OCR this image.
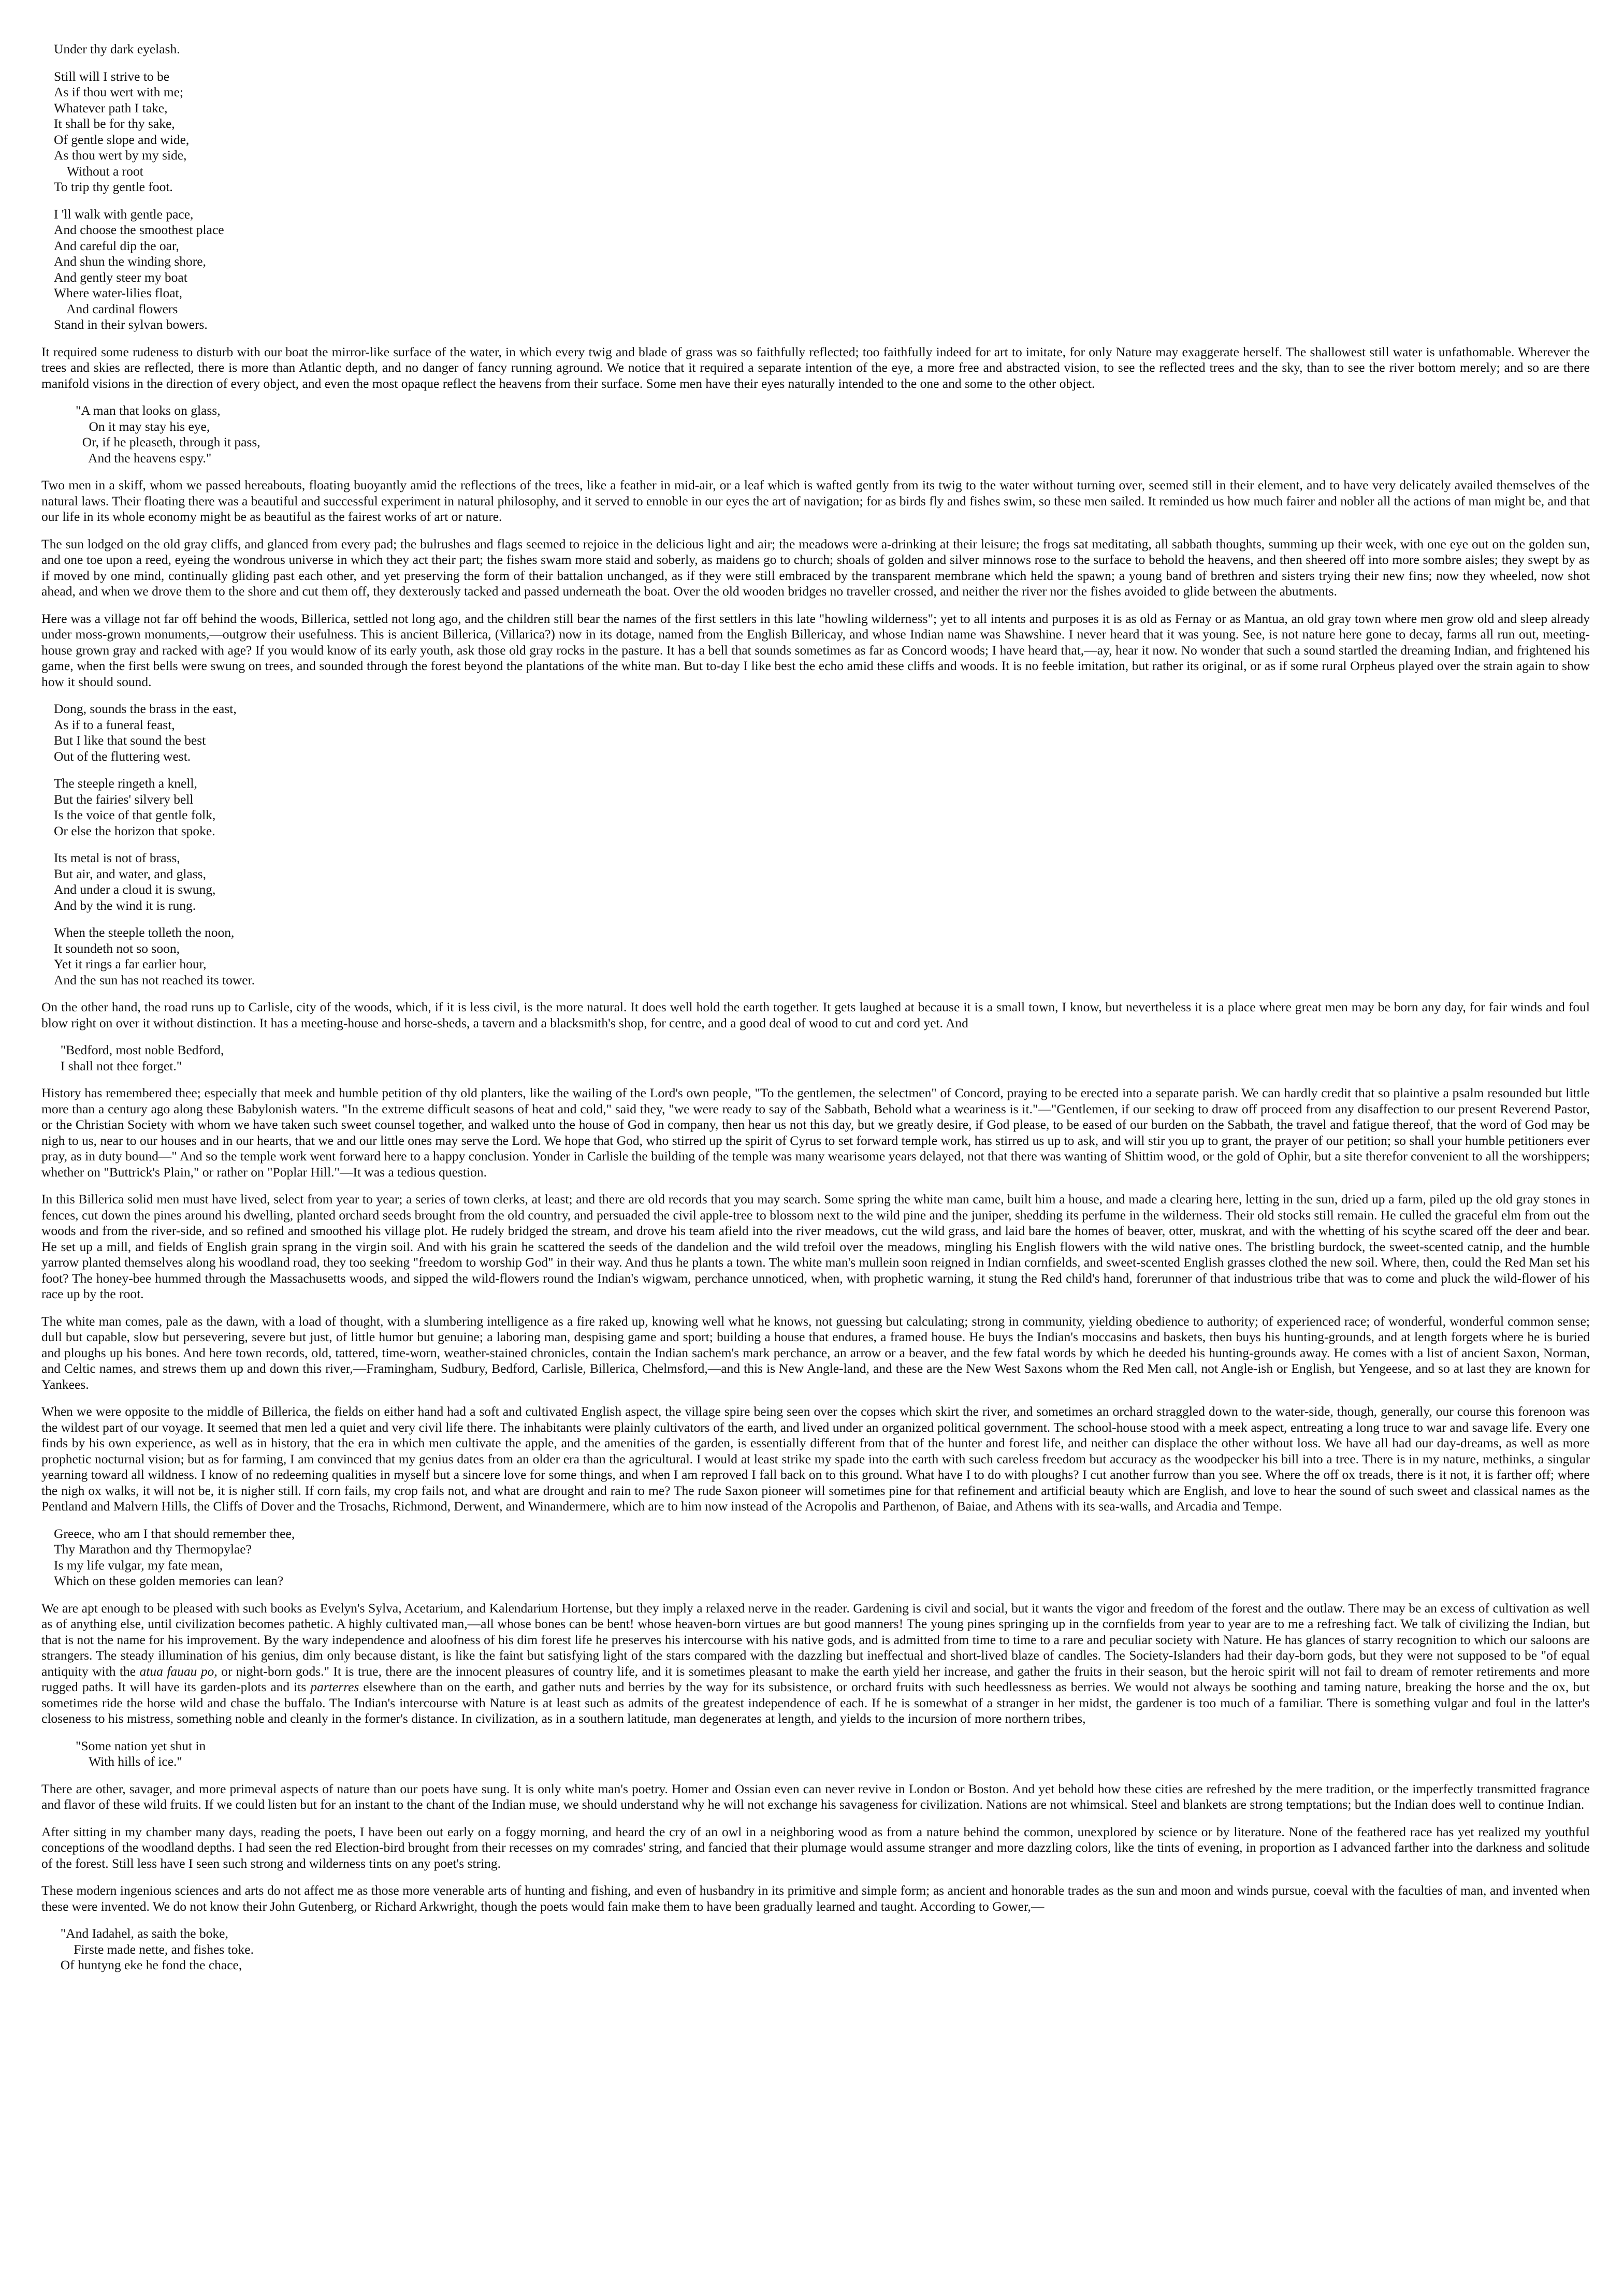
Under thy dark eyelash.
Still will I strive to be
As if thou wert with me;
Whatever path I take,
It shall be for thy sake,
Of gentle slope and wide,
As thou wert by my side,
Without a root
To trip thy gentle foot.
I 'll walk with gentle pace,
And choose the smoothest place
And careful dip the oar,
And shun the winding shore,
And gently steer my boat
Where water-lilies float,
And cardinal flowers
Stand in their sylvan bowers.

It required some rudeness to disturb with our boat the mirror-like surface of the water, in which every twig and blade of grass was so faithfully reflected; too faithfully indeed for art to imitate, for only Nature may exaggerate herself. The shallowest still water is unfathomable. Wherever the trees and skies are reflected, there is more than Atlantic depth, and no danger of fancy running aground. We notice that it required a separate intention of the eye, a more free and abstracted vision, to see the reflected trees and the sky, than to see the river bottom merely; and so are there manifold visions in the direction of every object, and even the most opaque reflect the heavens from their surface. Some men have their eyes naturally intended to the one and some to the other object.

"A man that looks on glass,
On it may stay his eye,
Or, if he pleaseth, through it pass,
And the heavens espy."

Two men in a skiff, whom we passed hereabouts, floating buoyantly amid the reflections of the trees, like a feather in mid-air, or a leaf which is wafted gently from its twig to the water without turning over, seemed still in their element, and to have very delicately availed themselves of the natural laws. Their floating there was a beautiful and successful experiment in natural philosophy, and it served to ennoble in our eyes the art of navigation; for as birds fly and fishes swim, so these men sailed. It reminded us how much fairer and nobler all the actions of man might be, and that our life in its whole economy might be as beautiful as the fairest works of art or nature.

The sun lodged on the old gray cliffs, and glanced from every pad; the bulrushes and flags seemed to rejoice in the delicious light and air; the meadows were a-drinking at their leisure; the frogs sat meditating, all sabbath thoughts, summing up their week, with one eye out on the golden sun, and one toe upon a reed, eyeing the wondrous universe in which they act their part; the fishes swam more staid and soberly, as maidens go to church; shoals of golden and silver minnows rose to the surface to behold the heavens, and then sheered off into more sombre aisles; they swept by as if moved by one mind, continually gliding past each other, and yet preserving the form of their battalion unchanged, as if they were still embraced by the transparent membrane which held the spawn; a young band of brethren and sisters trying their new fins; now they wheeled, now shot ahead, and when we drove them to the shore and cut them off, they dexterously tacked and passed underneath the boat. Over the old wooden bridges no traveller crossed, and neither the river nor the fishes avoided to glide between the abutments.

Here was a village not far off behind the woods, Billerica, settled not long ago, and the children still bear the names of the first settlers in this late "howling wilderness"; yet to all intents and purposes it is as old as Fernay or as Mantua, an old gray town where men grow old and sleep already under moss-grown monuments,—outgrow their usefulness. This is ancient Billerica, (Villarica?) now in its dotage, named from the English Billericay, and whose Indian name was Shawshine. I never heard that it was young. See, is not nature here gone to decay, farms all run out, meeting-house grown gray and racked with age? If you would know of its early youth, ask those old gray rocks in the pasture. It has a bell that sounds sometimes as far as Concord woods; I have heard that,—ay, hear it now. No wonder that such a sound startled the dreaming Indian, and frightened his game, when the first bells were swung on trees, and sounded through the forest beyond the plantations of the white man. But to-day I like best the echo amid these cliffs and woods. It is no feeble imitation, but rather its original, or as if some rural Orpheus played over the strain again to show how it should sound.

Dong, sounds the brass in the east,
As if to a funeral feast,
But I like that sound the best
Out of the fluttering west.
The steeple ringeth a knell,
But the fairies' silvery bell
Is the voice of that gentle folk,
Or else the horizon that spoke.
Its metal is not of brass,
But air, and water, and glass,
And under a cloud it is swung,
And by the wind it is rung.
When the steeple tolleth the noon,
It soundeth not so soon,
Yet it rings a far earlier hour,
And the sun has not reached its tower.

On the other hand, the road runs up to Carlisle, city of the woods, which, if it is less civil, is the more natural. It does well hold the earth together. It gets laughed at because it is a small town, I know, but nevertheless it is a place where great men may be born any day, for fair winds and foul blow right on over it without distinction. It has a meeting-house and horse-sheds, a tavern and a blacksmith's shop, for centre, and a good deal of wood to cut and cord yet. And

"Bedford, most noble Bedford,
I shall not thee forget."

History has remembered thee; especially that meek and humble petition of thy old planters, like the wailing of the Lord's own people, "To the gentlemen, the selectmen" of Concord, praying to be erected into a separate parish. We can hardly credit that so plaintive a psalm resounded but little more than a century ago along these Babylonish waters. "In the extreme difficult seasons of heat and cold," said they, "we were ready to say of the Sabbath, Behold what a weariness is it."—"Gentlemen, if our seeking to draw off proceed from any disaffection to our present Reverend Pastor, or the Christian Society with whom we have taken such sweet counsel together, and walked unto the house of God in company, then hear us not this day, but we greatly desire, if God please, to be eased of our burden on the Sabbath, the travel and fatigue thereof, that the word of God may be nigh to us, near to our houses and in our hearts, that we and our little ones may serve the Lord. We hope that God, who stirred up the spirit of Cyrus to set forward temple work, has stirred us up to ask, and will stir you up to grant, the prayer of our petition; so shall your humble petitioners ever pray, as in duty bound—" And so the temple work went forward here to a happy conclusion. Yonder in Carlisle the building of the temple was many wearisome years delayed, not that there was wanting of Shittim wood, or the gold of Ophir, but a site therefor convenient to all the worshippers; whether on "Buttrick's Plain," or rather on "Poplar Hill."—It was a tedious question.

In this Billerica solid men must have lived, select from year to year; a series of town clerks, at least; and there are old records that you may search. Some spring the white man came, built him a house, and made a clearing here, letting in the sun, dried up a farm, piled up the old gray stones in fences, cut down the pines around his dwelling, planted orchard seeds brought from the old country, and persuaded the civil apple-tree to blossom next to the wild pine and the juniper, shedding its perfume in the wilderness. Their old stocks still remain. He culled the graceful elm from out the woods and from the river-side, and so refined and smoothed his village plot. He rudely bridged the stream, and drove his team afield into the river meadows, cut the wild grass, and laid bare the homes of beaver, otter, muskrat, and with the whetting of his scythe scared off the deer and bear. He set up a mill, and fields of English grain sprang in the virgin soil. And with his grain he scattered the seeds of the dandelion and the wild trefoil over the meadows, mingling his English flowers with the wild native ones. The bristling burdock, the sweet-scented catnip, and the humble yarrow planted themselves along his woodland road, they too seeking "freedom to worship God" in their way. And thus he plants a town. The white man's mullein soon reigned in Indian cornfields, and sweet-scented English grasses clothed the new soil. Where, then, could the Red Man set his foot? The honey-bee hummed through the Massachusetts woods, and sipped the wild-flowers round the Indian's wigwam, perchance unnoticed, when, with prophetic warning, it stung the Red child's hand, forerunner of that industrious tribe that was to come and pluck the wild-flower of his race up by the root.

The white man comes, pale as the dawn, with a load of thought, with a slumbering intelligence as a fire raked up, knowing well what he knows, not guessing but calculating; strong in community, yielding obedience to authority; of experienced race; of wonderful, wonderful common sense; dull but capable, slow but persevering, severe but just, of little humor but genuine; a laboring man, despising game and sport; building a house that endures, a framed house. He buys the Indian's moccasins and baskets, then buys his hunting-grounds, and at length forgets where he is buried and ploughs up his bones. And here town records, old, tattered, time-worn, weather-stained chronicles, contain the Indian sachem's mark perchance, an arrow or a beaver, and the few fatal words by which he deeded his hunting-grounds away. He comes with a list of ancient Saxon, Norman, and Celtic names, and strews them up and down this river,—Framingham, Sudbury, Bedford, Carlisle, Billerica, Chelmsford,—and this is New Angle-land, and these are the New West Saxons whom the Red Men call, not Angle-ish or English, but Yengeese, and so at last they are known for Yankees.

When we were opposite to the middle of Billerica, the fields on either hand had a soft and cultivated English aspect, the village spire being seen over the copses which skirt the river, and sometimes an orchard straggled down to the water-side, though, generally, our course this forenoon was the wildest part of our voyage. It seemed that men led a quiet and very civil life there. The inhabitants were plainly cultivators of the earth, and lived under an organized political government. The school-house stood with a meek aspect, entreating a long truce to war and savage life. Every one finds by his own experience, as well as in history, that the era in which men cultivate the apple, and the amenities of the garden, is essentially different from that of the hunter and forest life, and neither can displace the other without loss. We have all had our day-dreams, as well as more prophetic nocturnal vision; but as for farming, I am convinced that my genius dates from an older era than the agricultural. I would at least strike my spade into the earth with such careless freedom but accuracy as the woodpecker his bill into a tree. There is in my nature, methinks, a singular yearning toward all wildness. I know of no redeeming qualities in myself but a sincere love for some things, and when I am reproved I fall back on to this ground. What have I to do with ploughs? I cut another furrow than you see. Where the off ox treads, there is it not, it is farther off; where the nigh ox walks, it will not be, it is nigher still. If corn fails, my crop fails not, and what are drought and rain to me? The rude Saxon pioneer will sometimes pine for that refinement and artificial beauty which are English, and love to hear the sound of such sweet and classical names as the Pentland and Malvern Hills, the Cliffs of Dover and the Trosachs, Richmond, Derwent, and Winandermere, which are to him now instead of the Acropolis and Parthenon, of Baiae, and Athens with its sea-walls, and Arcadia and Tempe.

Greece, who am I that should remember thee,
Thy Marathon and thy Thermopylae?
Is my life vulgar, my fate mean,
Which on these golden memories can lean?

We are apt enough to be pleased with such books as Evelyn's Sylva, Acetarium, and Kalendarium Hortense, but they imply a relaxed nerve in the reader. Gardening is civil and social, but it wants the vigor and freedom of the forest and the outlaw. There may be an excess of cultivation as well as of anything else, until civilization becomes pathetic. A highly cultivated man,—all whose bones can be bent! whose heaven-born virtues are but good manners! The young pines springing up in the cornfields from year to year are to me a refreshing fact. We talk of civilizing the Indian, but that is not the name for his improvement. By the wary independence and aloofness of his dim forest life he preserves his intercourse with his native gods, and is admitted from time to time to a rare and peculiar society with Nature. He has glances of starry recognition to which our saloons are strangers. The steady illumination of his genius, dim only because distant, is like the faint but satisfying light of the stars compared with the dazzling but ineffectual and short-lived blaze of candles. The Society-Islanders had their day-born gods, but they were not supposed to be "of equal antiquity with the atua fauau po, or night-born gods." It is true, there are the innocent pleasures of country life, and it is sometimes pleasant to make the earth yield her increase, and gather the fruits in their season, but the heroic spirit will not fail to dream of remoter retirements and more rugged paths. It will have its garden-plots and its parterres elsewhere than on the earth, and gather nuts and berries by the way for its subsistence, or orchard fruits with such heedlessness as berries. We would not always be soothing and taming nature, breaking the horse and the ox, but sometimes ride the horse wild and chase the buffalo. The Indian's intercourse with Nature is at least such as admits of the greatest independence of each. If he is somewhat of a stranger in her midst, the gardener is too much of a familiar. There is something vulgar and foul in the latter's closeness to his mistress, something noble and cleanly in the former's distance. In civilization, as in a southern latitude, man degenerates at length, and yields to the incursion of more northern tribes,

"Some nation yet shut in
With hills of ice."

There are other, savager, and more primeval aspects of nature than our poets have sung. It is only white man's poetry. Homer and Ossian even can never revive in London or Boston. And yet behold how these cities are refreshed by the mere tradition, or the imperfectly transmitted fragrance and flavor of these wild fruits. If we could listen but for an instant to the chant of the Indian muse, we should understand why he will not exchange his savageness for civilization. Nations are not whimsical. Steel and blankets are strong temptations; but the Indian does well to continue Indian.

After sitting in my chamber many days, reading the poets, I have been out early on a foggy morning, and heard the cry of an owl in a neighboring wood as from a nature behind the common, unexplored by science or by literature. None of the feathered race has yet realized my youthful conceptions of the woodland depths. I had seen the red Election-bird brought from their recesses on my comrades' string, and fancied that their plumage would assume stranger and more dazzling colors, like the tints of evening, in proportion as I advanced farther into the darkness and solitude of the forest. Still less have I seen such strong and wilderness tints on any poet's string.

These modern ingenious sciences and arts do not affect me as those more venerable arts of hunting and fishing, and even of husbandry in its primitive and simple form; as ancient and honorable trades as the sun and moon and winds pursue, coeval with the faculties of man, and invented when these were invented. We do not know their John Gutenberg, or Richard Arkwright, though the poets would fain make them to have been gradually learned and taught. According to Gower,—

"And Iadahel, as saith the boke,
Firste made nette, and fishes toke.
Of huntyng eke he fond the chace,
